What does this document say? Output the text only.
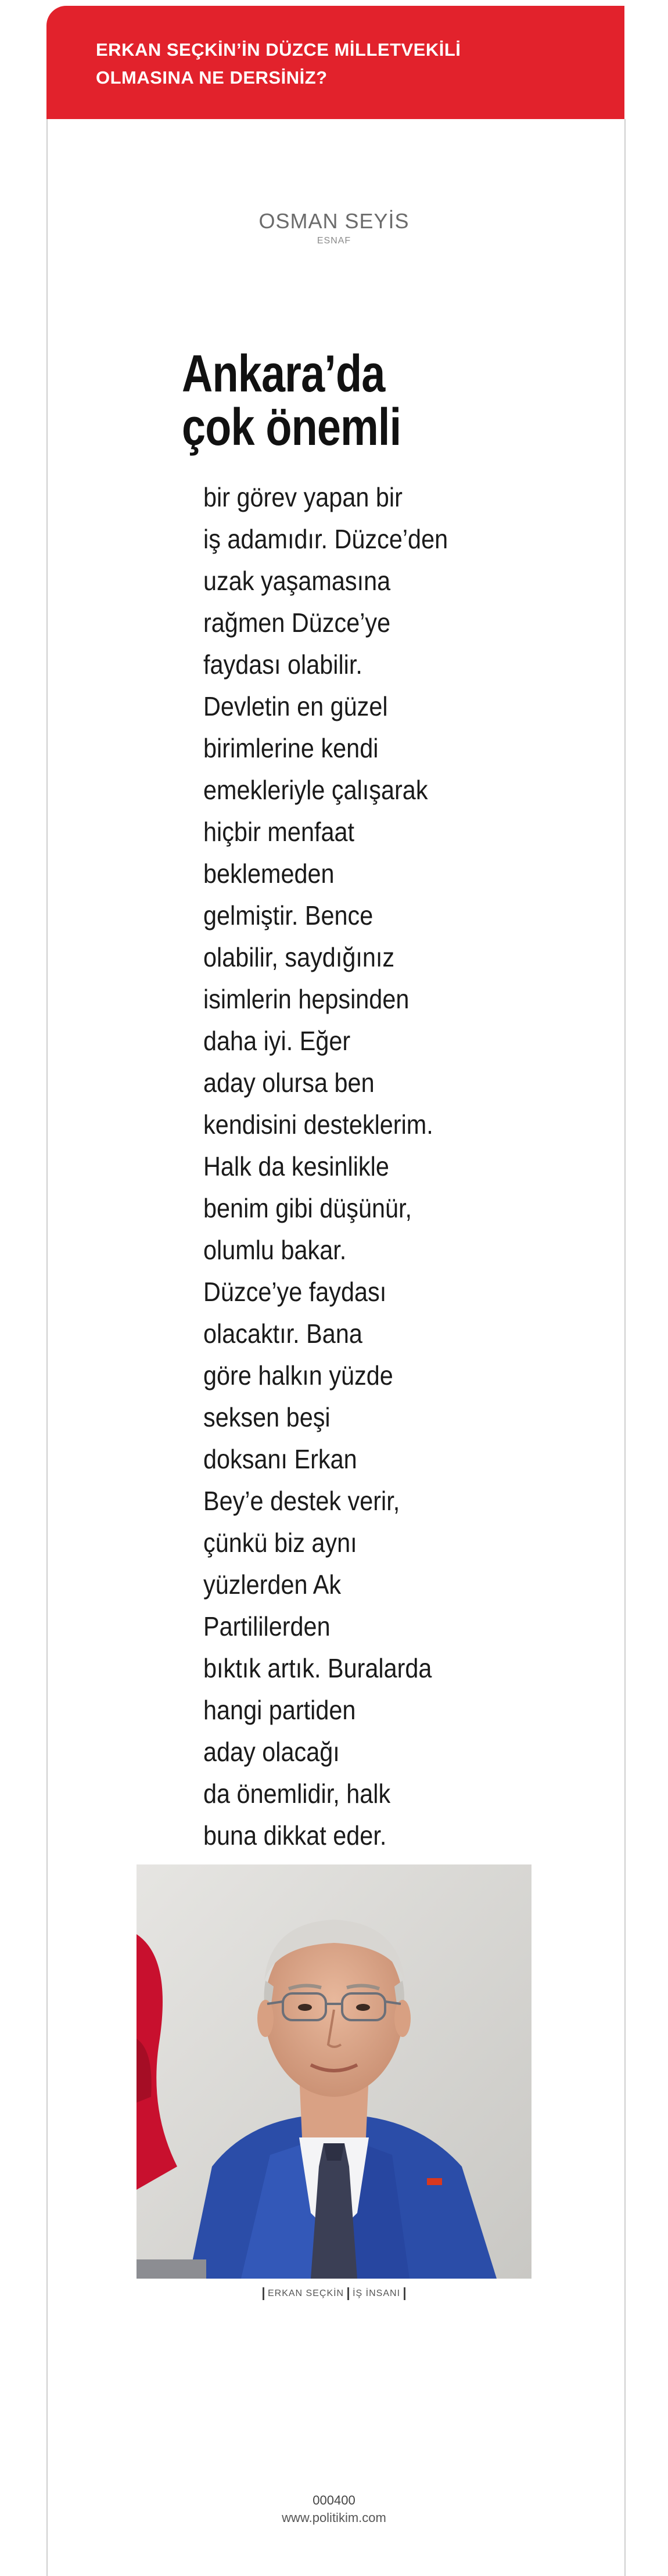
ERKAN SEÇKİN’İN DÜZCE MİLLETVEKİLİ
OLMASINA NE DERSİNİZ?
OSMAN SEYİS
ESNAF
Ankara’da
çok önemli
bir görev yapan bir
iş adamıdır. Düzce’den
uzak yaşamasına
rağmen Düzce’ye
faydası olabilir.
Devletin en güzel
birimlerine kendi
emekleriyle çalışarak
hiçbir menfaat
beklemeden
gelmiştir. Bence
olabilir, saydığınız
isimlerin hepsinden
daha iyi. Eğer
aday olursa ben
kendisini desteklerim.
Halk da kesinlikle
benim gibi düşünür,
olumlu bakar.
Düzce’ye faydası
olacaktır. Bana
göre halkın yüzde
seksen beşi
doksanı Erkan
Bey’e destek verir,
çünkü biz aynı
yüzlerden Ak
Partililerden
bıktık artık. Buralarda
hangi partiden
aday olacağı
da önemlidir, halk
buna dikkat eder.
ERKAN SEÇKİN İŞ İNSANI
000400
www.politikim.com
